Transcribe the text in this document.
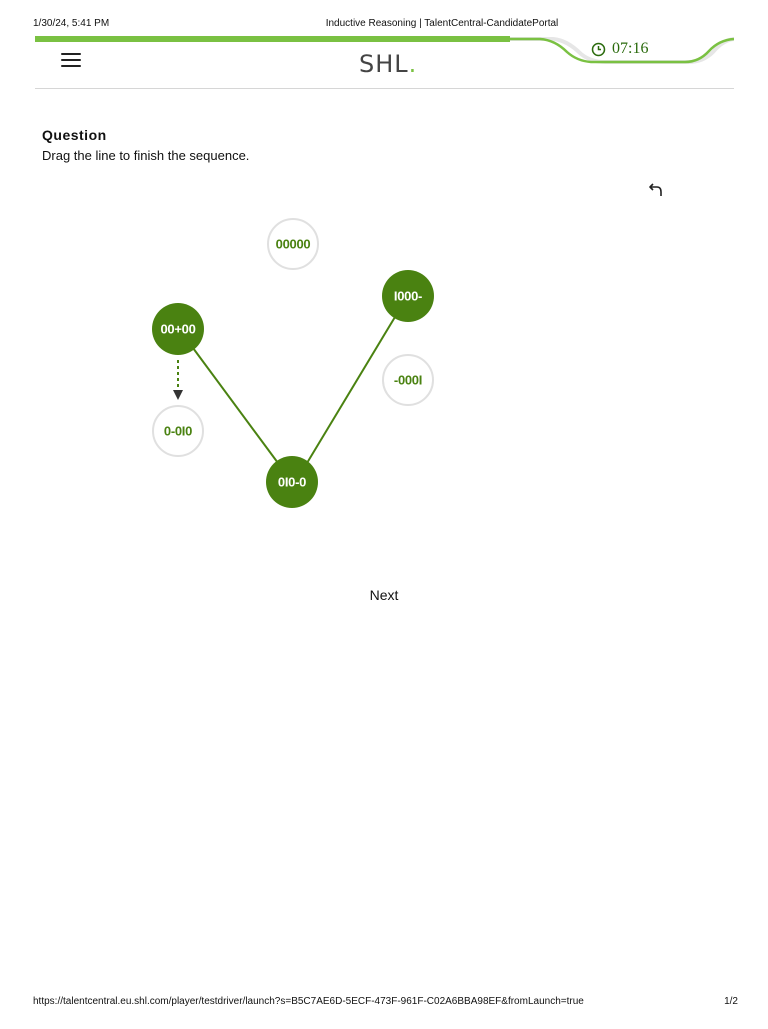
1/30/24, 5:41 PM	Inductive Reasoning | TalentCentral-CandidatePortal
SHL.
07:16
Question
Drag the line to finish the sequence.
00+00
0-0I0
00000
0I0-0
I000-
-000I
Next
https://talentcentral.eu.shl.com/player/testdriver/launch?s=B5C7AE6D-5ECF-473F-961F-C02A6BBA98EF&fromLaunch=true	1/2
